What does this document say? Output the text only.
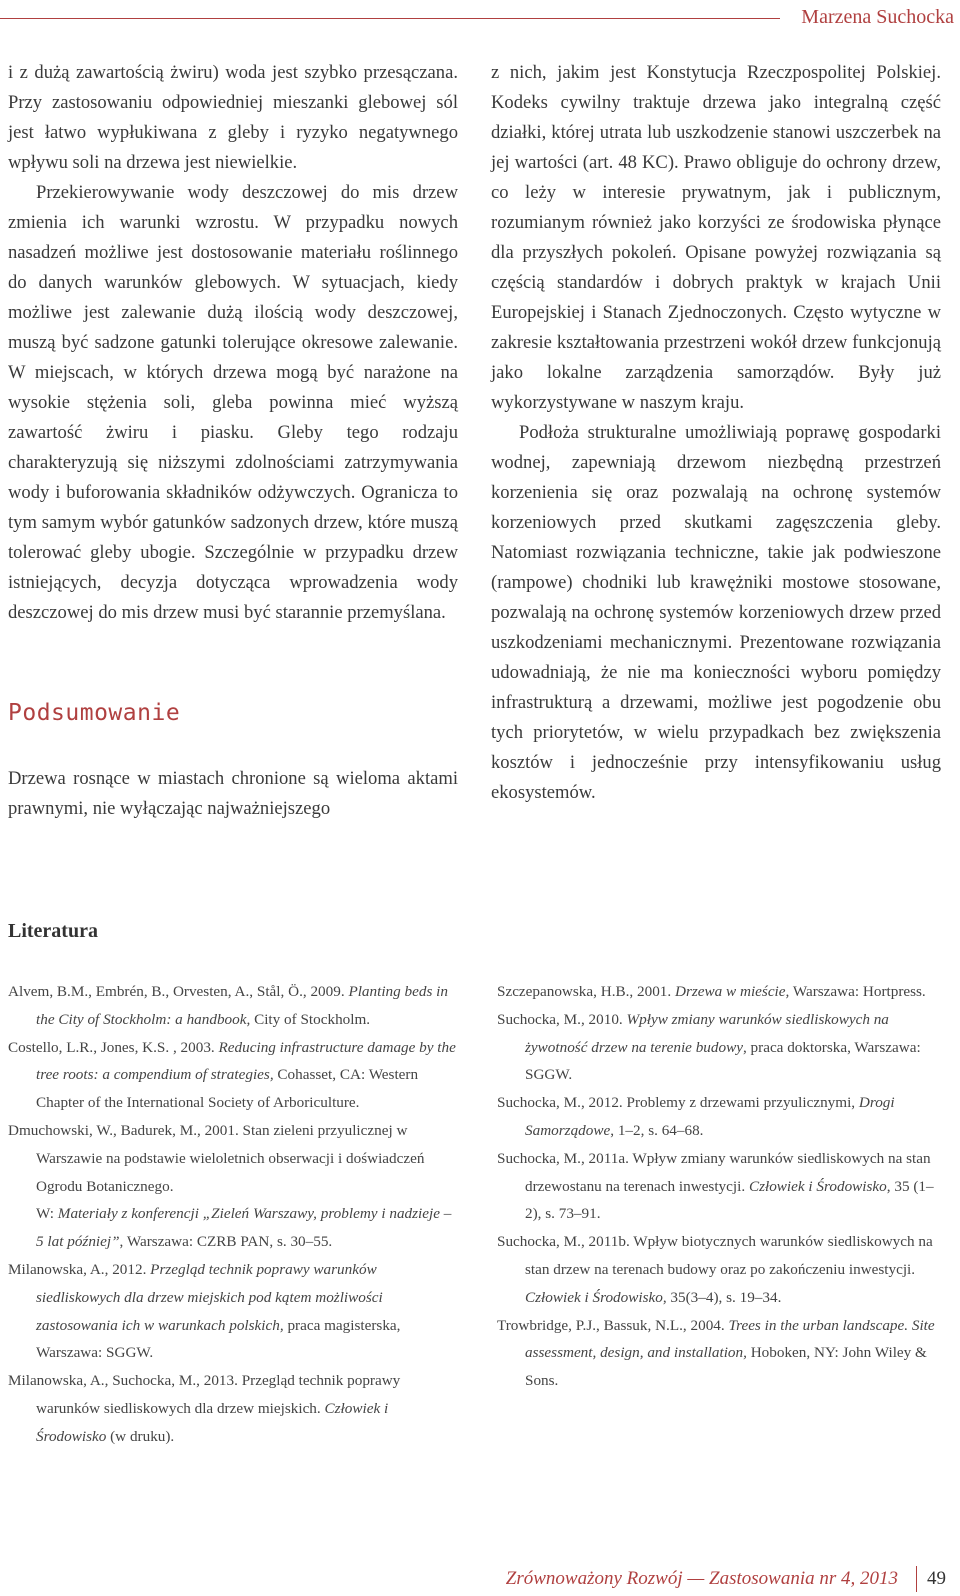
Marzena Suchocka

i z dużą zawartością żwiru) woda jest szybko przesączana. Przy zastosowaniu odpowiedniej mieszanki glebowej sól jest łatwo wypłukiwana z gleby i ryzyko negatywnego wpływu soli na drzewa jest niewielkie.

Przekierowywanie wody deszczowej do mis drzew zmienia ich warunki wzrostu. W przypadku nowych nasadzeń możliwe jest dostosowanie materiału roślinnego do danych warunków glebowych. W sytuacjach, kiedy możliwe jest zalewanie dużą ilością wody deszczowej, muszą być sadzone gatunki tolerujące okresowe zalewanie. W miejscach, w których drzewa mogą być narażone na wysokie stężenia soli, gleba powinna mieć wyższą zawartość żwiru i piasku. Gleby tego rodzaju charakteryzują się niższymi zdolnościami zatrzymywania wody i buforowania składników odżywczych. Ogranicza to tym samym wybór gatunków sadzonych drzew, które muszą tolerować gleby ubogie. Szczególnie w przypadku drzew istniejących, decyzja dotycząca wprowadzenia wody deszczowej do mis drzew musi być starannie przemyślana.

Podsumowanie

Drzewa rosnące w miastach chronione są wieloma aktami prawnymi, nie wyłączając najważniejszego

z nich, jakim jest Konstytucja Rzeczpospolitej Polskiej. Kodeks cywilny traktuje drzewa jako integralną część działki, której utrata lub uszkodzenie stanowi uszczerbek na jej wartości (art. 48 KC). Prawo obliguje do ochrony drzew, co leży w interesie prywatnym, jak i publicznym, rozumianym również jako korzyści ze środowiska płynące dla przyszłych pokoleń. Opisane powyżej rozwiązania są częścią standardów i dobrych praktyk w krajach Unii Europejskiej i Stanach Zjednoczonych. Często wytyczne w zakresie kształtowania przestrzeni wokół drzew funkcjonują jako lokalne zarządzenia samorządów. Były już wykorzystywane w naszym kraju.

Podłoża strukturalne umożliwiają poprawę gospodarki wodnej, zapewniają drzewom niezbędną przestrzeń korzenienia się oraz pozwalają na ochronę systemów korzeniowych przed skutkami zagęszczenia gleby. Natomiast rozwiązania techniczne, takie jak podwieszone (rampowe) chodniki lub krawężniki mostowe stosowane, pozwalają na ochronę systemów korzeniowych drzew przed uszkodzeniami mechanicznymi. Prezentowane rozwiązania udowadniają, że nie ma konieczności wyboru pomiędzy infrastrukturą a drzewami, możliwe jest pogodzenie obu tych priorytetów, w wielu przypadkach bez zwiększenia kosztów i jednocześnie przy intensyfikowaniu usług ekosystemów.

Literatura

Alvem, B.M., Embrén, B., Orvesten, A., Stål, Ö., 2009. Planting beds in the City of Stockholm: a handbook, City of Stockholm.

Costello, L.R., Jones, K.S. , 2003. Reducing infrastructure damage by the tree roots: a compendium of strategies, Cohasset, CA: Western Chapter of the International Society of Arboriculture.

Dmuchowski, W., Badurek, M., 2001. Stan zieleni przyulicznej w Warszawie na podstawie wieloletnich obserwacji i doświadczeń Ogrodu Botanicznego.
W: Materiały z konferencji „Zieleń Warszawy, problemy i nadzieje – 5 lat później”, Warszawa: CZRB PAN, s. 30–55.

Milanowska, A., 2012. Przegląd technik poprawy warunków siedliskowych dla drzew miejskich pod kątem możliwości zastosowania ich w warunkach polskich, praca magisterska, Warszawa: SGGW.

Milanowska, A., Suchocka, M., 2013. Przegląd technik poprawy warunków siedliskowych dla drzew miejskich. Człowiek i Środowisko (w druku).

Szczepanowska, H.B., 2001. Drzewa w mieście, Warszawa: Hortpress.

Suchocka, M., 2010. Wpływ zmiany warunków siedliskowych na żywotność drzew na terenie budowy, praca doktorska, Warszawa: SGGW.

Suchocka, M., 2012. Problemy z drzewami przyulicznymi, Drogi Samorządowe, 1–2, s. 64–68.

Suchocka, M., 2011a. Wpływ zmiany warunków siedliskowych na stan drzewostanu na terenach inwestycji. Człowiek i Środowisko, 35 (1–2), s. 73–91.

Suchocka, M., 2011b. Wpływ biotycznych warunków siedliskowych na stan drzew na terenach budowy oraz po zakończeniu inwestycji. Człowiek i Środowisko, 35(3–4), s. 19–34.

Trowbridge, P.J., Bassuk, N.L., 2004. Trees in the urban landscape. Site assessment, design, and installation, Hoboken, NY: John Wiley & Sons.

Zrównoważony Rozwój — Zastosowania nr 4, 2013 49
